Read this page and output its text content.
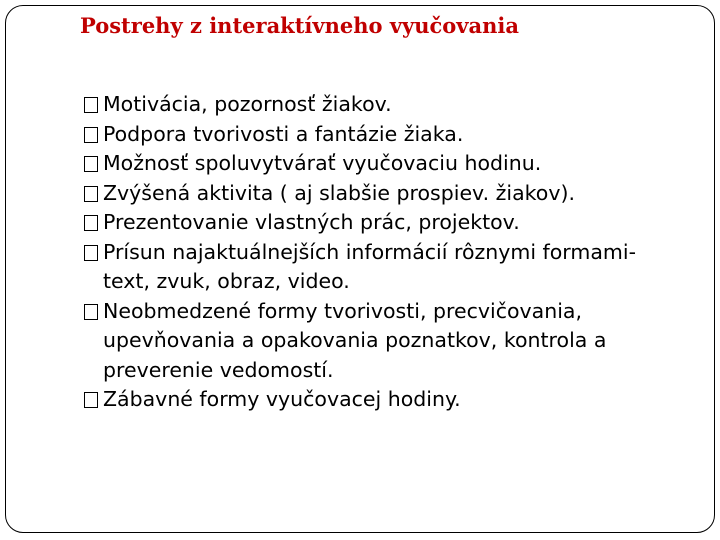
Postrehy z interaktívneho vyučovania
Motivácia, pozornosť žiakov.
Podpora tvorivosti a fantázie žiaka.
Možnosť spoluvytvárať vyučovaciu hodinu.
Zvýšená aktivita ( aj slabšie prospiev. žiakov).
Prezentovanie vlastných prác, projektov.
Prísun najaktuálnejších informácií rôznymi formami- text, zvuk, obraz, video.
Neobmedzené formy tvorivosti, precvičovania, upevňovania a opakovania poznatkov, kontrola a preverenie vedomostí.
Zábavné formy vyučovacej hodiny.
